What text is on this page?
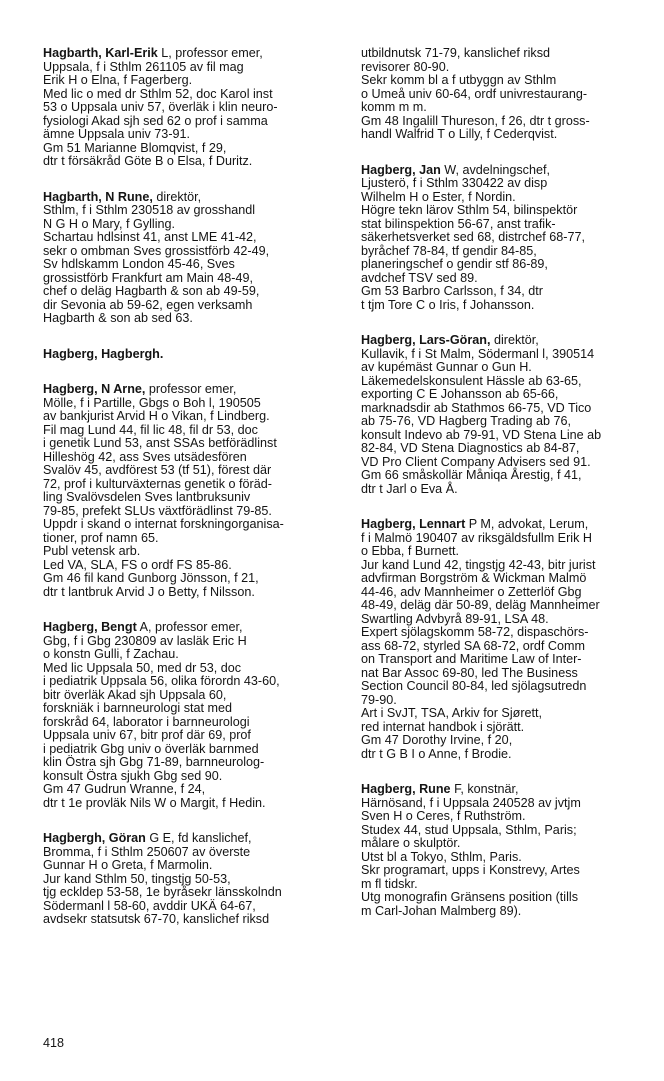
Hagbarth, Karl-Erik L, professor emer,
Uppsala, f i Sthlm 261105 av fil mag
Erik H o Elna, f Fagerberg.
Med lic o med dr Sthlm 52, doc Karol inst
53 o Uppsala univ 57, överläk i klin neuro-
fysiologi Akad sjh sed 62 o prof i samma
ämne Uppsala univ 73-91.
Gm 51 Marianne Blomqvist, f 29,
dtr t försäkråd Göte B o Elsa, f Duritz.
Hagbarth, N Rune, direktör,
Sthlm, f i Sthlm 230518 av grosshandl
N G H o Mary, f Gylling.
Schartau hdlsinst 41, anst LME 41-42,
sekr o ombman Sves grossistförb 42-49,
Sv hdlskamm London 45-46, Sves
grossistförb Frankfurt am Main 48-49,
chef o deläg Hagbarth & son ab 49-59,
dir Sevonia ab 59-62, egen verksamh
Hagbarth & son ab sed 63.
Hagberg, Hagbergh.
Hagberg, N Arne, professor emer,
Mölle, f i Partille, Gbgs o Boh l, 190505
av bankjurist Arvid H o Vikan, f Lindberg.
Fil mag Lund 44, fil lic 48, fil dr 53, doc
i genetik Lund 53, anst SSAs betförädlinst
Hilleshög 42, ass Sves utsädesfören
Svalöv 45, avdförest 53 (tf 51), förest där
72, prof i kulturväxternas genetik o föräd-
ling Svalövsdelen Sves lantbruksuniv
79-85, prefekt SLUs växtförädlinst 79-85.
Uppdr i skand o internat forskningorganisa-
tioner, prof namn 65.
Publ vetensk arb.
Led VA, SLA, FS o ordf FS 85-86.
Gm 46 fil kand Gunborg Jönsson, f 21,
dtr t lantbruk Arvid J o Betty, f Nilsson.
Hagberg, Bengt A, professor emer,
Gbg, f i Gbg 230809 av lasläk Eric H
o konstn Gulli, f Zachau.
Med lic Uppsala 50, med dr 53, doc
i pediatrik Uppsala 56, olika förordn 43-60,
bitr överläk Akad sjh Uppsala 60,
forskniäk i barnneurologi stat med
forskråd 64, laborator i barnneurologi
Uppsala univ 67, bitr prof där 69, prof
i pediatrik Gbg univ o överläk barnmed
klin Östra sjh Gbg 71-89, barnneurolog-
konsult Östra sjukh Gbg sed 90.
Gm 47 Gudrun Wranne, f 24,
dtr t 1e provläk Nils W o Margit, f Hedin.
Hagbergh, Göran G E, fd kanslichef,
Bromma, f i Sthlm 250607 av överste
Gunnar H o Greta, f Marmolin.
Jur kand Sthlm 50, tingstjg 50-53,
tjg eckldep 53-58, 1e byråsekr länsskolndn
Södermanl l 58-60, avddir UKÄ 64-67,
avdsekr statsutsk 67-70, kanslichef riksd
utbildnutsk 71-79, kanslichef riksd
revisorer 80-90.
Sekr komm bl a f utbyggn av Sthlm
o Umeå univ 60-64, ordf univrestaurang-
komm m m.
Gm 48 Ingalill Thureson, f 26, dtr t gross-
handl Walfrid T o Lilly, f Cederqvist.
Hagberg, Jan W, avdelningschef,
Ljusterö, f i Sthlm 330422 av disp
Wilhelm H o Ester, f Nordin.
Högre tekn lärov Sthlm 54, bilinspektör
stat bilinspektion 56-67, anst trafik-
säkerhetsverket sed 68, distrchef 68-77,
byråchef 78-84, tf gendir 84-85,
planeringschef o gendir stf 86-89,
avdchef TSV sed 89.
Gm 53 Barbro Carlsson, f 34, dtr
t tjm Tore C o Iris, f Johansson.
Hagberg, Lars-Göran, direktör,
Kullavik, f i St Malm, Södermanl l, 390514
av kupémäst Gunnar o Gun H.
Läkemedelskonsulent Hässle ab 63-65,
exporting C E Johansson ab 65-66,
marknadsdir ab Stathmos 66-75, VD Tico
ab 75-76, VD Hagberg Trading ab 76,
konsult Indevo ab 79-91, VD Stena Line ab
82-84, VD Stena Diagnostics ab 84-87,
VD Pro Client Company Advisers sed 91.
Gm 66 småskollär Måniqa Årestig, f 41,
dtr t Jarl o Eva Å.
Hagberg, Lennart P M, advokat, Lerum,
f i Malmö 190407 av riksgäldsfullm Erik H
o Ebba, f Burnett.
Jur kand Lund 42, tingstjg 42-43, bitr jurist
advfirman Borgström & Wickman Malmö
44-46, adv Mannheimer o Zetterlöf Gbg
48-49, deläg där 50-89, deläg Mannheimer
Swartling Advbyrå 89-91, LSA 48.
Expert sjölagskomm 58-72, dispaschörs-
ass 68-72, styrled SA 68-72, ordf Comm
on Transport and Maritime Law of Inter-
nat Bar Assoc 69-80, led The Business
Section Council 80-84, led sjölagsutredn
79-90.
Art i SvJT, TSA, Arkiv for Sjørett,
red internat handbok i sjörätt.
Gm 47 Dorothy Irvine, f 20,
dtr t G B I o Anne, f Brodie.
Hagberg, Rune F, konstnär,
Härnösand, f i Uppsala 240528 av jvtjm
Sven H o Ceres, f Ruthström.
Studex 44, stud Uppsala, Sthlm, Paris;
målare o skulptör.
Utst bl a Tokyo, Sthlm, Paris.
Skr programart, upps i Konstrevy, Artes
m fl tidskr.
Utg monografin Gränsens position (tills
m Carl-Johan Malmberg 89).
418
